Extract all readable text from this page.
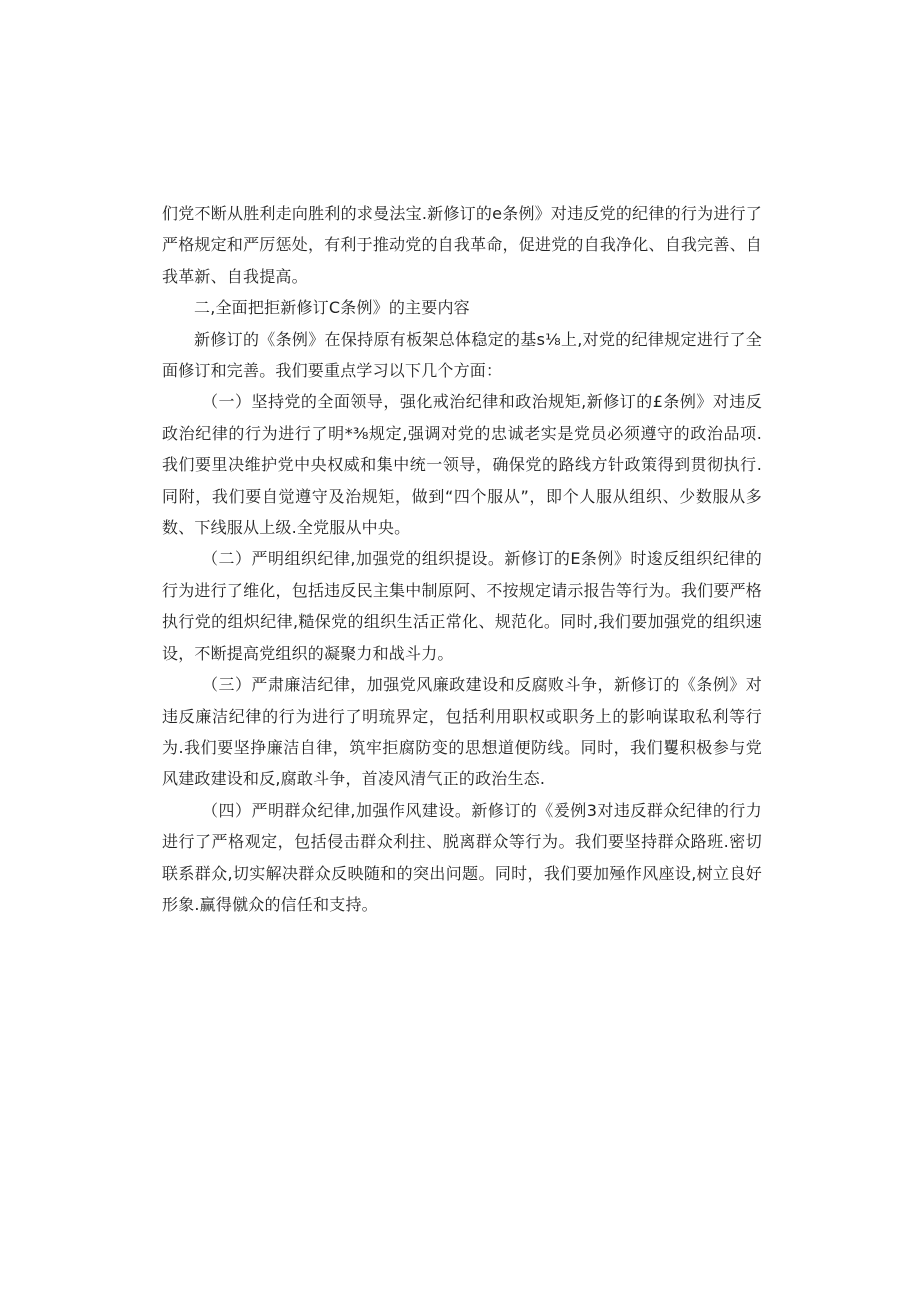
们党不断从胜利走向胜利的求曼法宝.新修订的e条例》对违反党的纪律的行为进行了严格规定和严厉惩处，有利于推动党的自我革命，促进党的自我净化、自我完善、自我革新、自我提高。

二,全面把拒新修订C条例》的主要内容

新修订的《条例》在保持原有板架总体稳定的基s⅛上,对党的纪律规定进行了全面修订和完善。我们要重点学习以下几个方面：

（一）坚持党的全面领导，强化戒治纪律和政治规矩,新修订的£条例》对违反政治纪律的行为进行了明*⅜规定,强调对党的忠诚老实是党员必须遵守的政治品项.我们要里决维护党中央权威和集中统一领导，确保党的路线方针政策得到贯彻执行.同附，我们要自觉遵守及治规矩，做到“四个服从”，即个人服从组织、少数服从多数、下线服从上级.全党服从中央。

（二）严明组织纪律,加强党的组织提设。新修订的E条例》时逡反组织纪律的行为进行了维化，包括违反民主集中制原阿、不按规定请示报告等行为。我们要严格执行党的组炽纪律,糙保党的组织生活正常化、规范化。同时,我们要加强党的组织速设，不断提高党组织的凝聚力和战斗力。

（三）严肃廉洁纪律，加强党风廉政建设和反腐败斗争，新修订的《条例》对违反廉洁纪律的行为进行了明琉界定，包括利用职权或职务上的影响谋取私利等行为.我们要坚挣廉洁自律，筑牢拒腐防变的思想道便防线。同时，我们矍积极参与党风建政建设和反,腐敢斗争，首凌风清气正的政治生态.

（四）严明群众纪律,加强作风建设。新修订的《爰例3对违反群众纪律的行力进行了严格观定，包括侵击群众利拄、脱离群众等行为。我们要坚持群众路班.密切联系群众,切实解决群众反映随和的突出问题。同时，我们要加殛作风座设,树立良好形象.赢得僦众的信任和支持。
